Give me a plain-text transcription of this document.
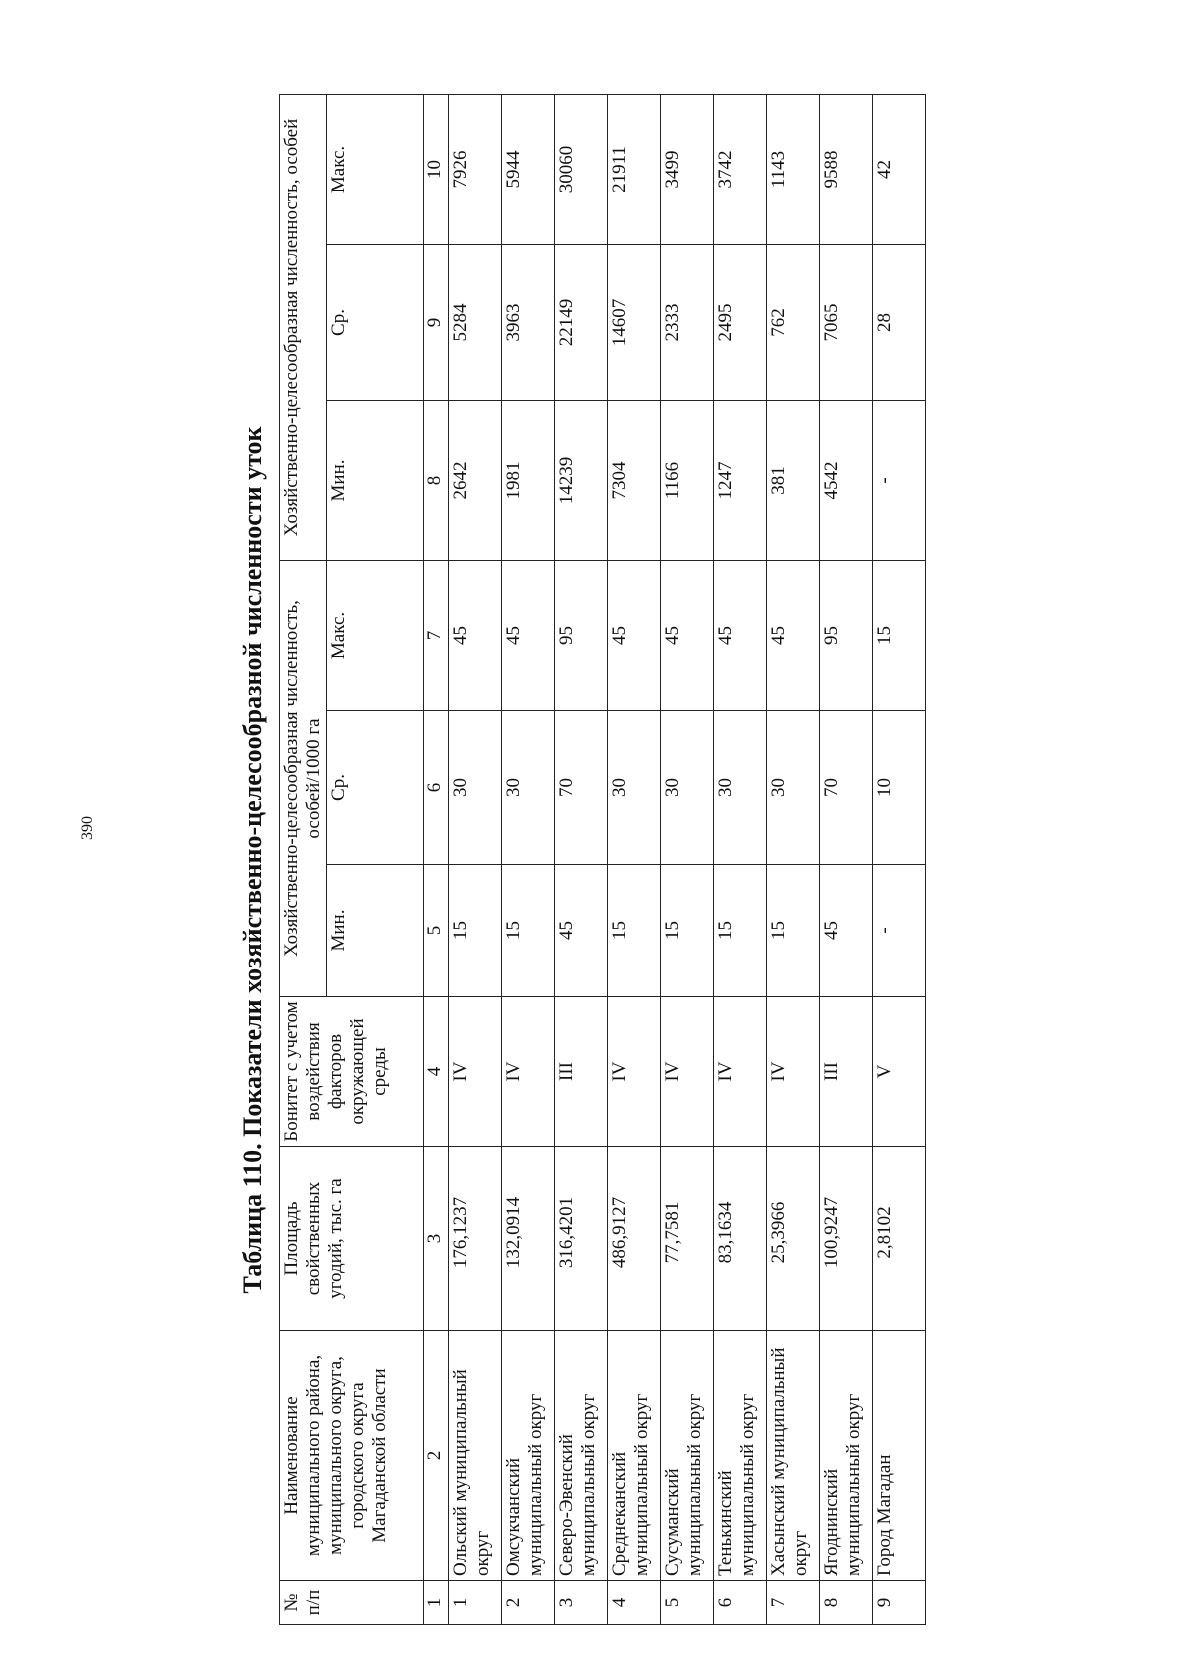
390	Таблица 110. Показатели хозяйственно-целесообразной численности уток
№ п/п	Наименование муниципального района, муниципального округа, городского округа Магаданской области	Площадь свойственных угодий, тыс. га	Бонитет с учетом воздействия факторов окружающей среды	Хозяйственно-целесообразная численность, особей/1000 га			Хозяйственно-целесообразная численность, особей		
				Мин.	Ср.	Макс.	Мин.	Ср.	Макс.
1	2	3	4	5	6	7	8	9	10
1	Ольский муниципальный округ	176,1237	IV	15	30	45	2642	5284	7926
2	Омсукчанский муниципальный округ	132,0914	IV	15	30	45	1981	3963	5944
3	Северо-Эвенский муниципальный округ	316,4201	III	45	70	95	14239	22149	30060
4	Среднеканский муниципальный округ	486,9127	IV	15	30	45	7304	14607	21911
5	Сусуманский муниципальный округ	77,7581	IV	15	30	45	1166	2333	3499
6	Тенькинский муниципальный округ	83,1634	IV	15	30	45	1247	2495	3742
7	Хасынский муниципальный округ	25,3966	IV	15	30	45	381	762	1143
8	Ягоднинский муниципальный округ	100,9247	III	45	70	95	4542	7065	9588
9	Город Магадан	2,8102	V	-	10	15	-	28	42
